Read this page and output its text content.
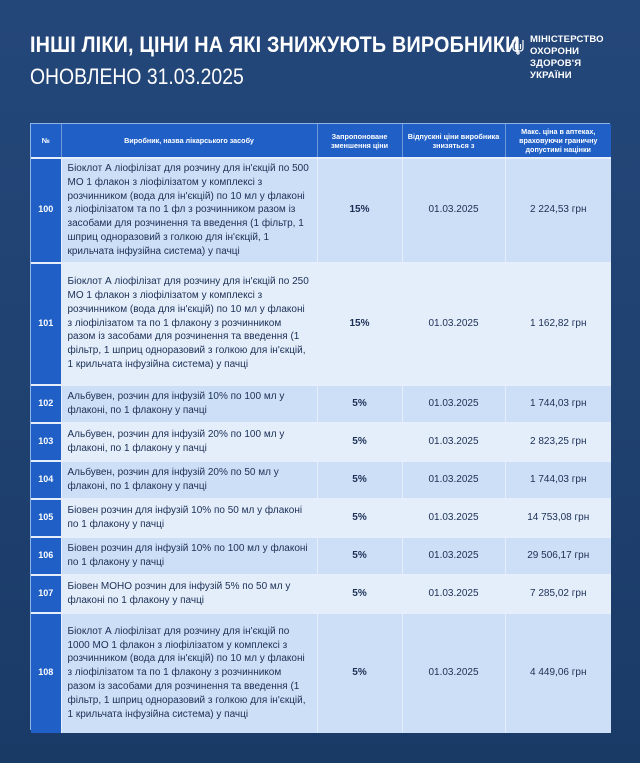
ІНШІ ЛІКИ, ЦІНИ НА ЯКІ ЗНИЖУЮТЬ ВИРОБНИКИ
ОНОВЛЕНО 31.03.2025
МІНІСТЕРСТВО
ОХОРОНИ
ЗДОРОВ'Я
УКРАЇНИ
№	Виробник, назва лікарського засобу	Запропоноване зменшення ціни	Відпускні ціни виробника знизяться з	Макс. ціна в аптеках, враховуючи граничну допустимі націнки
100	Біоклот А ліофілізат для розчину для ін'єкцій по 500 МО 1 флакон з ліофілізатом у комплексі з розчинником (вода для ін'єкцій) по 10 мл у флаконі з ліофілізатом та по 1 фл з розчинником разом із засобами для розчинення та введення (1 фільтр, 1 шприц одноразовий з голкою для ін'єкцій, 1 крильчата інфузійна система) у пачці	15%	01.03.2025	2 224,53 грн
101	Біоклот А ліофілізат для розчину для ін'єкцій по 250 МО 1 флакон з ліофілізатом у комплексі з розчинником (вода для ін'єкцій) по 10 мл у флаконі з ліофілізатом та по 1 флакону з розчинником разом із засобами для розчинення та введення (1 фільтр, 1 шприц одноразовий з голкою для ін'єкцій, 1 крильчата інфузійна система) у пачці	15%	01.03.2025	1 162,82 грн
102	Альбувен, розчин для інфузій 10% по 100 мл у флаконі, по 1 флакону у пачці	5%	01.03.2025	1 744,03 грн
103	Альбувен, розчин для інфузій 20% по 100 мл у флаконі, по 1 флакону у пачці	5%	01.03.2025	2 823,25 грн
104	Альбувен, розчин для інфузій 20% по 50 мл у флаконі, по 1 флакону у пачці	5%	01.03.2025	1 744,03 грн
105	Біовен розчин для інфузій 10% по 50 мл у флаконі по 1 флакону у пачці	5%	01.03.2025	14 753,08 грн
106	Біовен розчин для інфузій 10% по 100 мл у флаконі по 1 флакону у пачці	5%	01.03.2025	29 506,17 грн
107	Біовен МОНО розчин для інфузій 5% по 50 мл у флаконі по 1 флакону у пачці	5%	01.03.2025	7 285,02 грн
108	Біоклот А ліофілізат для розчину для ін'єкцій по 1000 МО 1 флакон з ліофілізатом у комплексі з розчинником (вода для ін'єкцій) по 10 мл у флаконі з ліофілізатом та по 1 флакону з розчинником разом із засобами для розчинення та введення (1 фільтр, 1 шприц одноразовий з голкою для ін'єкцій, 1 крильчата інфузійна система) у пачці	5%	01.03.2025	4 449,06 грн
